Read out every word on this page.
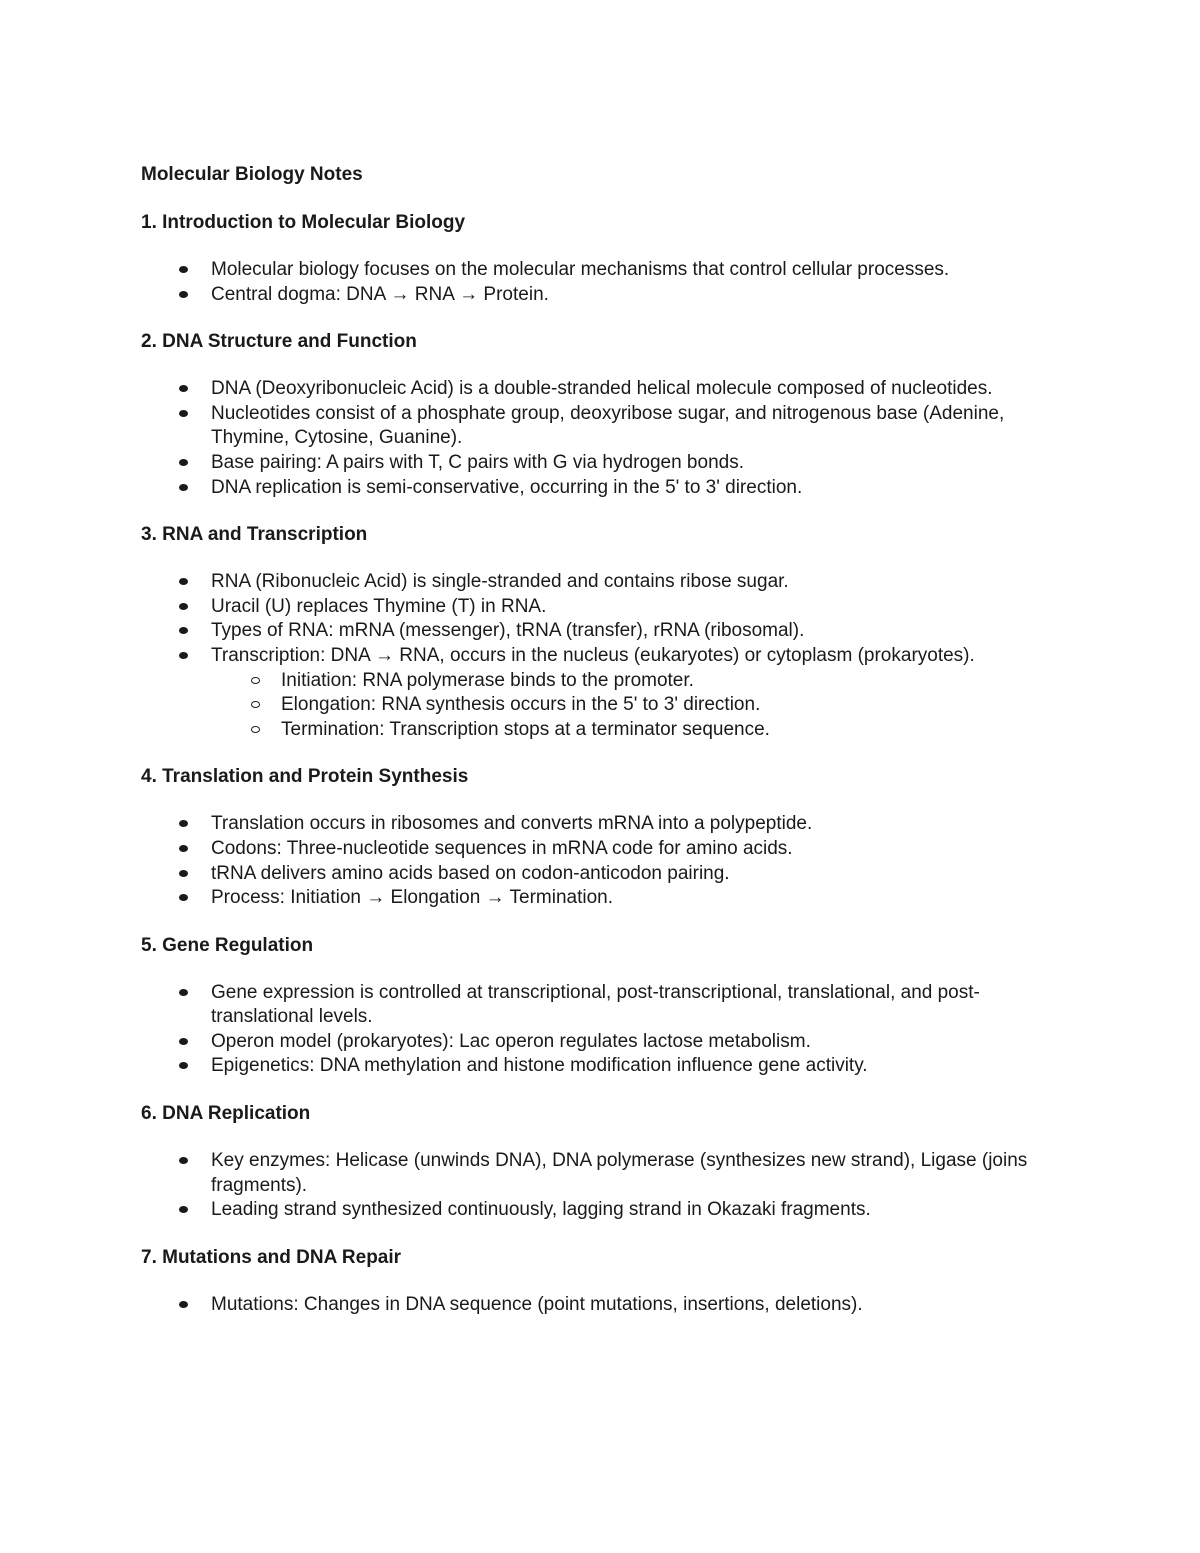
Molecular Biology Notes

1. Introduction to Molecular Biology

Molecular biology focuses on the molecular mechanisms that control cellular processes.
Central dogma: DNA → RNA → Protein.

2. DNA Structure and Function

DNA (Deoxyribonucleic Acid) is a double-stranded helical molecule composed of nucleotides.
Nucleotides consist of a phosphate group, deoxyribose sugar, and nitrogenous base (Adenine, Thymine, Cytosine, Guanine).
Base pairing: A pairs with T, C pairs with G via hydrogen bonds.
DNA replication is semi-conservative, occurring in the 5' to 3' direction.

3. RNA and Transcription

RNA (Ribonucleic Acid) is single-stranded and contains ribose sugar.
Uracil (U) replaces Thymine (T) in RNA.
Types of RNA: mRNA (messenger), tRNA (transfer), rRNA (ribosomal).
Transcription: DNA → RNA, occurs in the nucleus (eukaryotes) or cytoplasm (prokaryotes).
Initiation: RNA polymerase binds to the promoter.
Elongation: RNA synthesis occurs in the 5' to 3' direction.
Termination: Transcription stops at a terminator sequence.

4. Translation and Protein Synthesis

Translation occurs in ribosomes and converts mRNA into a polypeptide.
Codons: Three-nucleotide sequences in mRNA code for amino acids.
tRNA delivers amino acids based on codon-anticodon pairing.
Process: Initiation → Elongation → Termination.

5. Gene Regulation

Gene expression is controlled at transcriptional, post-transcriptional, translational, and post-translational levels.
Operon model (prokaryotes): Lac operon regulates lactose metabolism.
Epigenetics: DNA methylation and histone modification influence gene activity.

6. DNA Replication

Key enzymes: Helicase (unwinds DNA), DNA polymerase (synthesizes new strand), Ligase (joins fragments).
Leading strand synthesized continuously, lagging strand in Okazaki fragments.

7. Mutations and DNA Repair

Mutations: Changes in DNA sequence (point mutations, insertions, deletions).
